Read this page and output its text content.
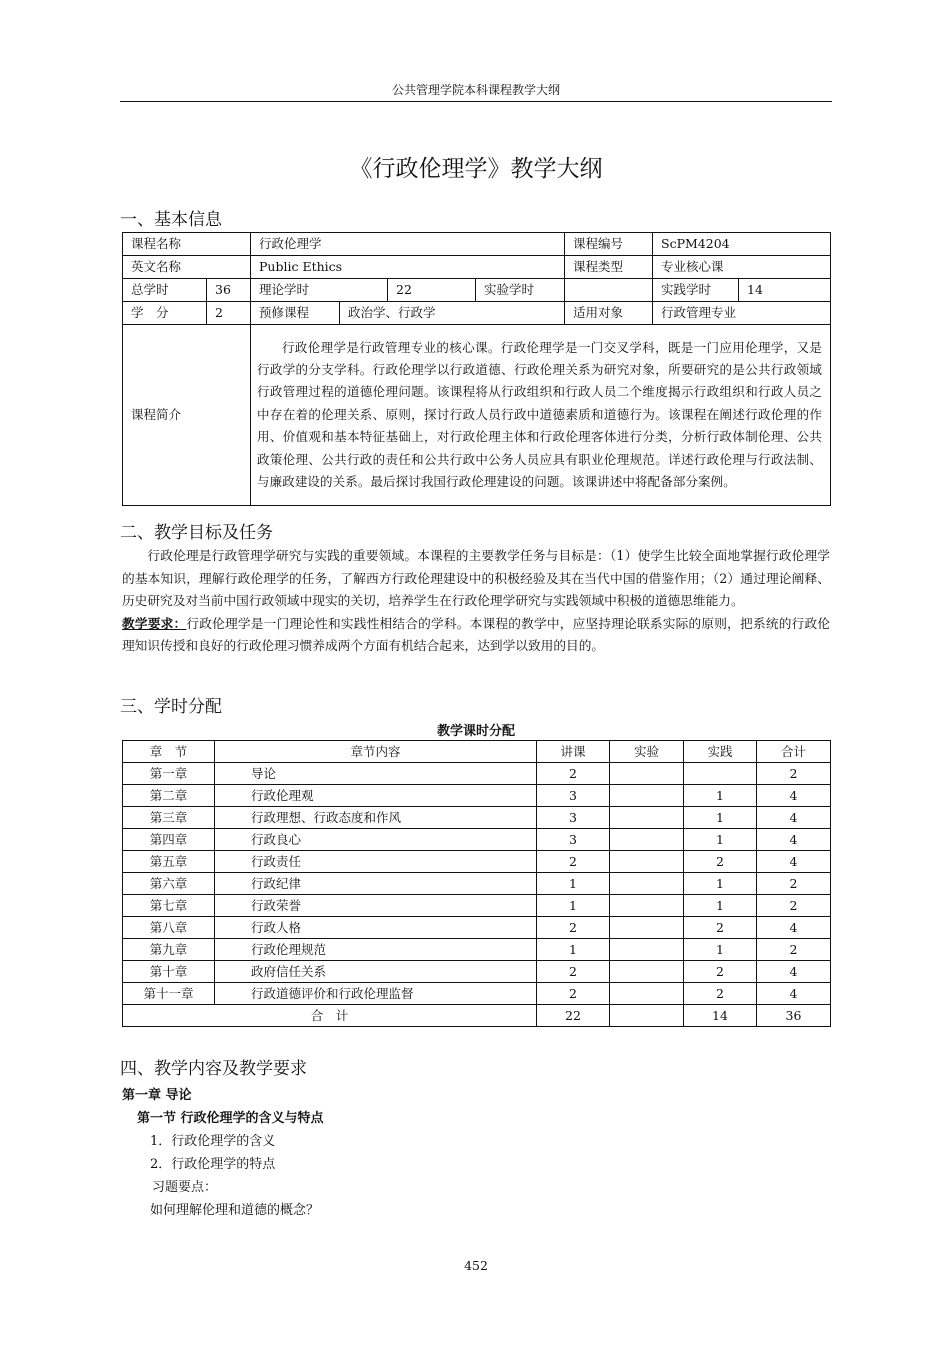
公共管理学院本科课程教学大纲
《行政伦理学》教学大纲
一、基本信息
课程名称		行政伦理学				课程编号	ScPM4204	
英文名称		Public Ethics				课程类型	专业核心课	
总学时	36	理论学时		22	实验学时		实践学时	14
学　分	2	预修课程	政治学、行政学			适用对象	行政管理专业	
课程简介		行政伦理学是行政管理专业的核心课。行政伦理学是一门交叉学科，既是一门应用伦理学，又是行政学的分支学科。行政伦理学以行政道德、行政伦理关系为研究对象，所要研究的是公共行政领域行政管理过程的道德伦理问题。该课程将从行政组织和行政人员二个维度揭示行政组织和行政人员之中存在着的伦理关系、原则，探讨行政人员行政中道德素质和道德行为。该课程在阐述行政伦理的作用、价值观和基本特征基础上，对行政伦理主体和行政伦理客体进行分类，分析行政体制伦理、公共政策伦理、公共行政的责任和公共行政中公务人员应具有职业伦理规范。详述行政伦理与行政法制、与廉政建设的关系。最后探讨我国行政伦理建设的问题。该课讲述中将配备部分案例。						
二、教学目标及任务
行政伦理是行政管理学研究与实践的重要领域。本课程的主要教学任务与目标是：（1）使学生比较全面地掌握行政伦理学的基本知识，理解行政伦理学的任务，了解西方行政伦理建设中的积极经验及其在当代中国的借鉴作用；（2）通过理论阐释、历史研究及对当前中国行政领域中现实的关切，培养学生在行政伦理学研究与实践领域中积极的道德思维能力。
教学要求：行政伦理学是一门理论性和实践性相结合的学科。本课程的教学中，应坚持理论联系实际的原则，把系统的行政伦理知识传授和良好的行政伦理习惯养成两个方面有机结合起来，达到学以致用的目的。
三、学时分配
教学课时分配
章　节	章节内容	讲课	实验	实践	合计
第一章	导论	2			2
第二章	行政伦理观	3		1	4
第三章	行政理想、行政态度和作风	3		1	4
第四章	行政良心	3		1	4
第五章	行政责任	2		2	4
第六章	行政纪律	1		1	2
第七章	行政荣誉	1		1	2
第八章	行政人格	2		2	4
第九章	行政伦理规范	1		1	2
第十章	政府信任关系	2		2	4
第十一章	行政道德评价和行政伦理监督	2		2	4
合　计		22		14	36
四、教学内容及教学要求
第一章 导论
第一节 行政伦理学的含义与特点
1．行政伦理学的含义
2．行政伦理学的特点
习题要点：
如何理解伦理和道德的概念？
452
